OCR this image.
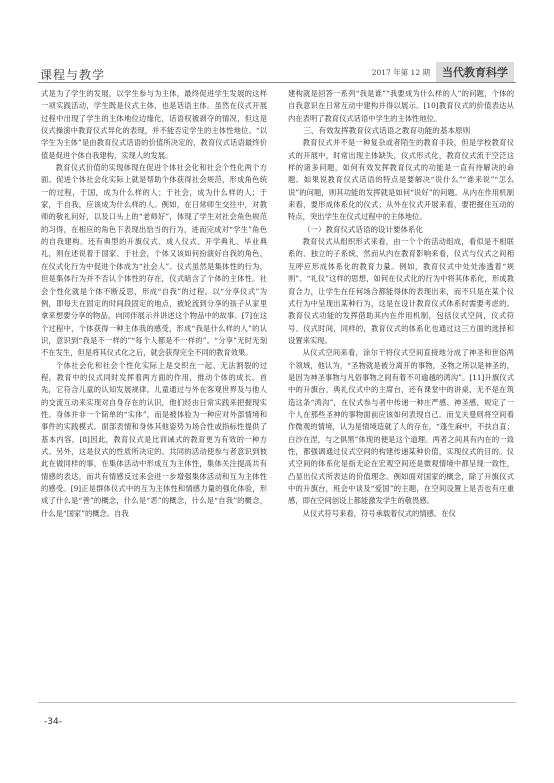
课程与教学	2017 年第 12 期	当代教育科学

式是为了学生的发展，以学生参与为主体，最终促进学生发展的这样一项实践活动，学生既是仪式主体，也是话语主体。虽然在仪式开展过程中出现了学生的主体地位边缘化，话语权被剥夺的情况，但这是仪式操演中教育仪式异化的表现，并不能否定学生的主体性地位。“以学生为主体”是由教育仪式话语的价值所决定的，教育仪式话语最终价值是促进个体自我建构，实现人的发展。

教育仪式价值的实现体现在促进个体社会化和社会个性化两个方面。促进个体社会化实际上就是帮助个体获得社会规范，形成角色统一的过程，于国，成为什么样的人；于社会，成为什么样的人；于家，于自我，应该成为什么样的人。例如，在日常师生交往中，对教师的敬礼问好，以及口头上的“老师好”，体现了学生对社会角色规范的习得，在相应的角色下表现出恰当的行为，进而完成对“学生”角色的自我建构。还有典型的升旗仪式、成人仪式、开学典礼、毕业典礼，则在述说着于国家、于社会，个体又该如何扮演好自我的角色，在仪式化行为中促进个体成为“社会人”。仪式虽然是集体性的行为，但是集体行为并不否认个体性的存在，仪式暗含了个体的主体性。社会个性化就是个体不断反思，形成“自我”的过程。以“分享仪式”为例，即每天在固定的时间段固定的地点，被轮流到分享的孩子从家里拿来想要分享的物品，向同伴展示并讲述这个物品中的故事。[7]在这个过程中，个体获得一种主体我的感受，形成“我是什么样的人”的认识，意识到“我是不一样的”“每个人都是不一样的”。“分享”无时无刻不在发生，但是将其仪式化之后，就会获得完全不同的教育效果。

个体社会化和社会个性化实际上是交织在一起、无法割裂的过程。教育中的仪式同时发挥着两方面的作用，推动个体的成长。首先，它符合儿童的认知发展规律。儿童通过与外在客观世界及与他人的交流互动来实现对自身存在的认识，他们经由日常实践来把握现实性。身体并非一个简单的“实体”，而是被体验为一种应对外部情境和事件的实践模式。面部表情和身体其他姿势为场合性或指标性提供了基本内容。[8]因此，教育仪式是比训诫式的教育更为有效的一种方式。另外，这是仪式的性质所决定的。共同的活动使参与者意识到彼此在做同样的事，在集体活动中形成互为主体性，集体关注提高共有情感的表达，而共有情感反过来会进一步增强集体活动和互为主体性的感受。[9]正是群体仪式中的互为主体性和情感力量的强化体验，形成了什么是“善”的概念，什么是“恶”的概念，什么是“自我”的概念，什么是“国家”的概念。自我

建构就是回答一系列“我是谁”“我要成为什么样的人”的问题，个体的自我意识在日常互动中建构并得以展示。[10]教育仪式的价值表达从内在表明了教育仪式话语中学生的主体性地位。

三、有效发挥教育仪式话语之教育功能的基本原则

教育仪式并不是一种复杂或者陌生的教育手段，但是学校教育仪式的开展中，时常出现主体缺失，仪式形式化，教育仪式流于空泛这样的诸多问题，如何有效发挥教育仪式的功能是一直有待解决的命题。如果说教育仪式话语的特点是要解决“说什么”“谁来说”“怎么说”的问题，则其功能的发挥就是如何“说好”的问题。从内在作用机制来看，要形成体系化的仪式；从外在仪式开展来看，要把握住互动的特点，突出学生在仪式过程中的主体地位。

（一）教育仪式话语的设计要体系化

教育仪式从组织形式来看，由一个个的活动组成，看似是不相联系的、独立的子系统，然而从内在教育影响来看，仪式与仪式之间相互呼应形成体系化的教育力量。例如，教育仪式中处处渗透着“规则”、“礼仪”这样的思想，如何在仪式化的行为中将其体系化，形成教育合力，让学生在任何场合都能得体的表现出来，而不只是在某个仪式行为中呈现出某种行为，这是在设计教育仪式体系时需要考虑的。教育仪式功能的发挥借助其内在作用机制，包括仪式空间，仪式符号、仪式时间，同样的，教育仪式的体系化也通过这三方面的选择和设置来实现。

从仪式空间来看，涂尔干将仪式空间直接地分成了神圣和世俗两个领域，他认为，“圣物就是被分离开的事物，圣物之所以是神圣的，是因为神圣事物与凡俗事物之间有着不可逾越的鸿沟”。[11]升旗仪式中的升旗台，典礼仪式中的主席台，还有课堂中的讲桌，无不是在筑造这条“鸿沟”，在仪式参与者中传递一种庄严感、神圣感，规定了一个人在那些圣神的事物面前应该如何表现自己。而戈夫曼则将空间看作微观的情境，认为是情境造就了人的存在，“蓬生麻中，不扶自直；白沙在涅，与之俱黑”体现的便是这个道理。两者之间具有内在的一致性，都强调通过仪式空间的构建传递某种价值，实现仪式的目的。仪式空间的体系化是指无论在宏观空间还是微观情境中都呈现一致性，凸显出仪式所表达的价值理念。例如面对国家的概念，除了升旗仪式中的升旗台，班会中谈及“爱国”的主题，在空间设置上是否也有庄重感，即在空间创设上都能激发学生的敬畏感。

从仪式符号来看，符号承载着仪式的情感。在仪

-34-
